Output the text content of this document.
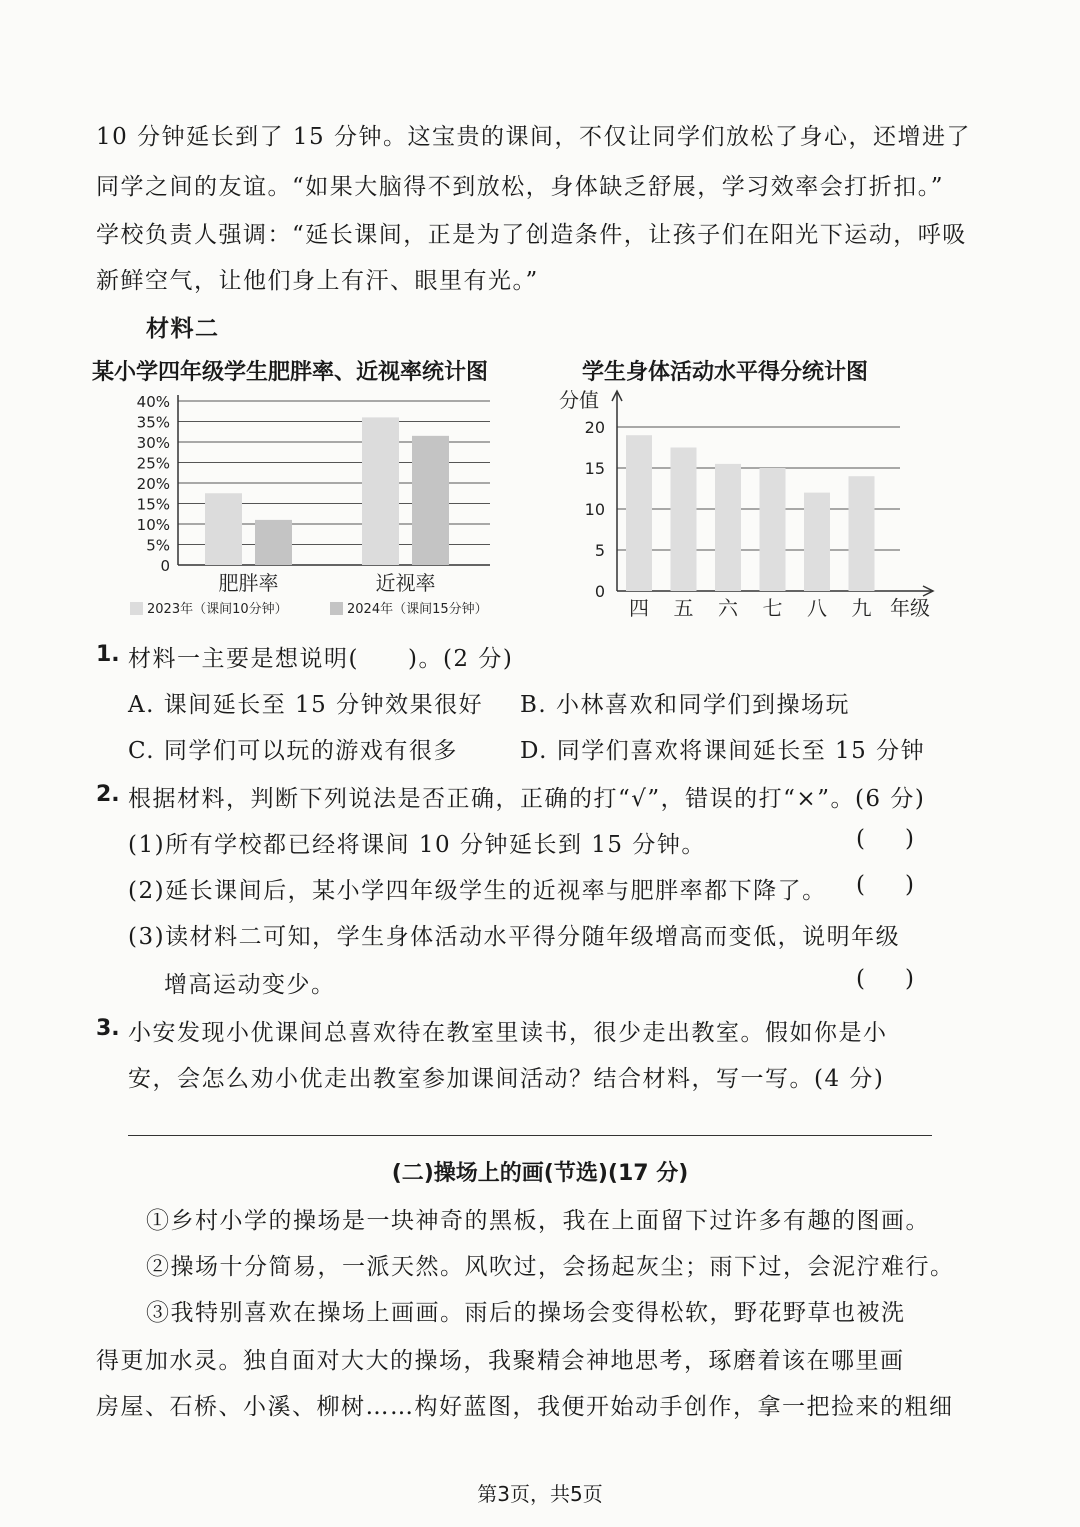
10 分钟延长到了 15 分钟。这宝贵的课间，不仅让同学们放松了身心，还增进了
同学之间的友谊。“如果大脑得不到放松，身体缺乏舒展，学习效率会打折扣。”
学校负责人强调：“延长课间，正是为了创造条件，让孩子们在阳光下运动，呼吸
新鲜空气，让他们身上有汗、眼里有光。”
材料二
某小学四年级学生肥胖率、近视率统计图	学生身体活动水平得分统计图
0
5%
10%
15%
20%
25%
30%
35%
40%
肥胖率	近视率
2023年（课间10分钟）	2024年（课间15分钟）
分值
0
5
10
15
20
四 五 六 七 八 九 年级
1. 材料一主要是想说明(　　)。(2 分)
A. 课间延长至 15 分钟效果很好 B. 小林喜欢和同学们到操场玩
C. 同学们可以玩的游戏有很多	D. 同学们喜欢将课间延长至 15 分钟
2. 根据材料，判断下列说法是否正确，正确的打“√”，错误的打“×”。(6 分)
(1)所有学校都已经将课间 10 分钟延长到 15 分钟。	()
(2)延长课间后，某小学四年级学生的近视率与肥胖率都下降了。 ()
(3)读材料二可知，学生身体活动水平得分随年级增高而变低，说明年级
增高运动变少。	()
3. 小安发现小优课间总喜欢待在教室里读书，很少走出教室。假如你是小
安，会怎么劝小优走出教室参加课间活动？结合材料，写一写。(4 分)
(二)操场上的画(节选)(17 分)
①乡村小学的操场是一块神奇的黑板，我在上面留下过许多有趣的图画。
②操场十分简易，一派天然。风吹过，会扬起灰尘；雨下过，会泥泞难行。
③我特别喜欢在操场上画画。雨后的操场会变得松软，野花野草也被洗
得更加水灵。独自面对大大的操场，我聚精会神地思考，琢磨着该在哪里画
房屋、石桥、小溪、柳树……构好蓝图，我便开始动手创作，拿一把捡来的粗细
第3页，共5页
